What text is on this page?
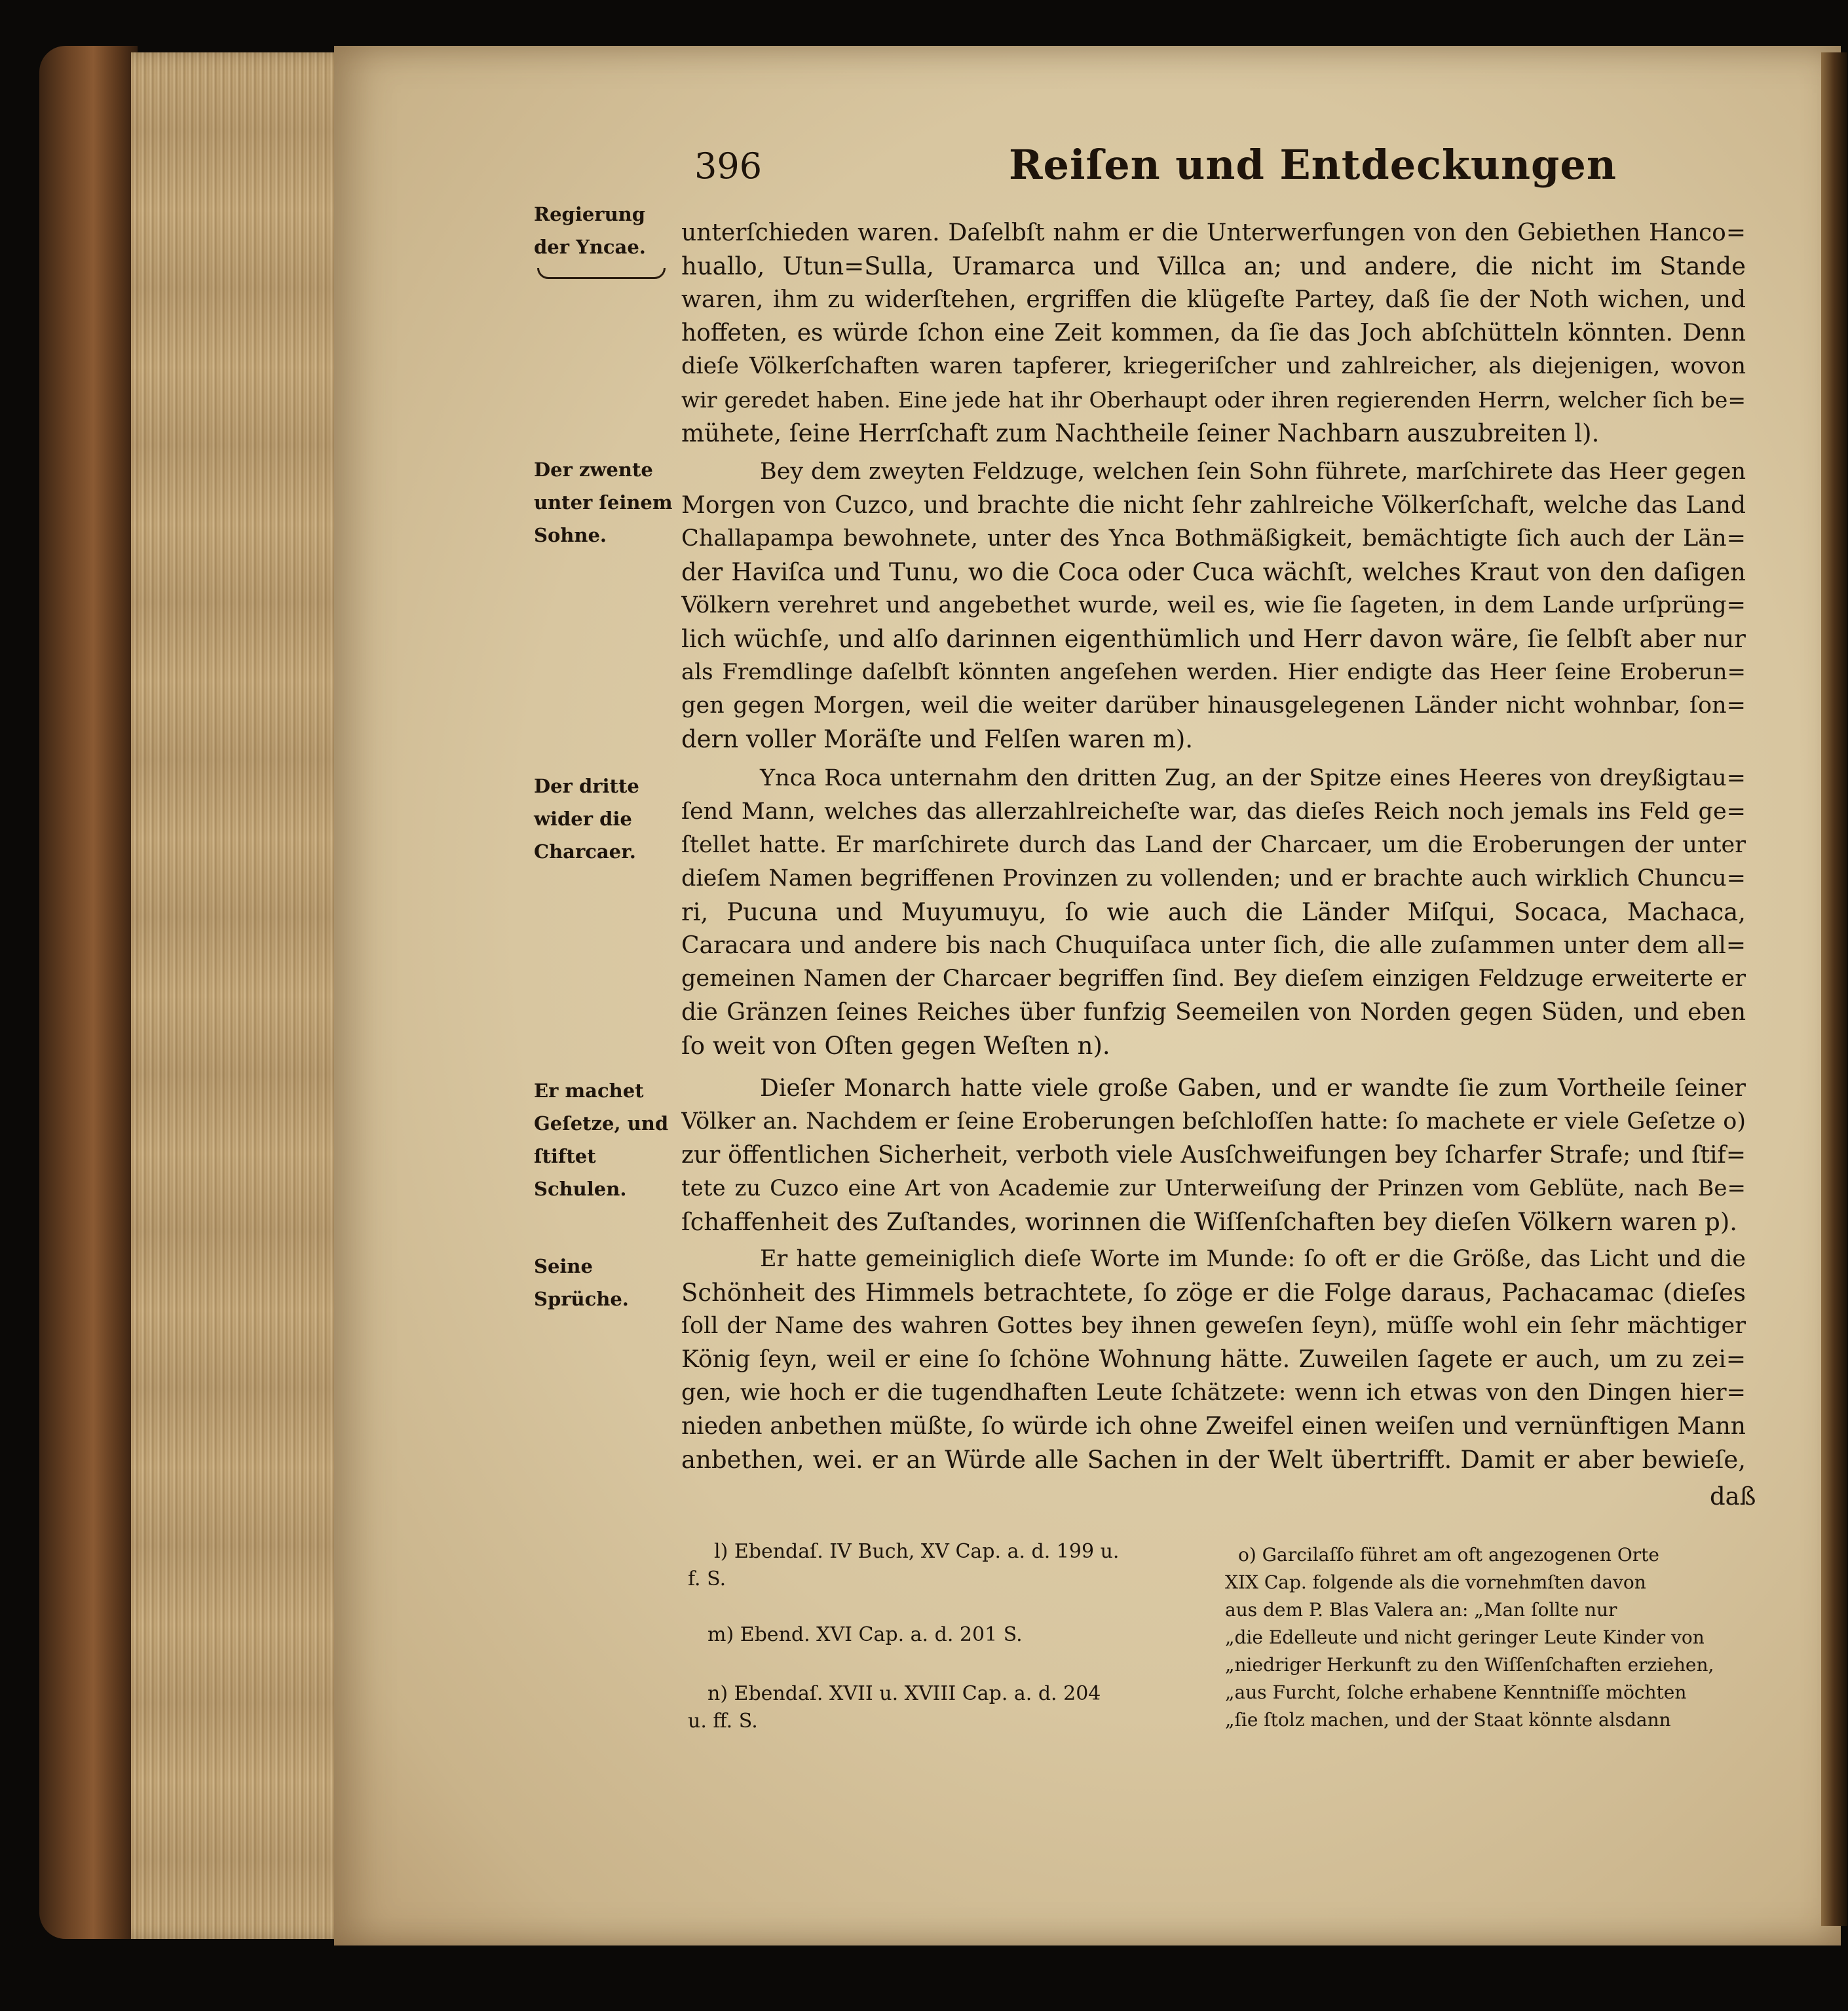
396	Reiſen und Entdeckungen
Regierung der Yncae.
Der zwente unter ſeinem Sohne.
Der dritte wider die Charcaer.
Er machet Geſetze, und ſtiftet Schulen.
Seine Sprüche.
unterſchieden waren. Daſelbſt nahm er die Unterwerfungen von den Gebiethen Hanco=
huallo, Utun=Sulla, Uramarca und Villca an; und andere, die nicht im Stande
waren, ihm zu widerſtehen, ergriffen die klügeſte Partey, daß ſie der Noth wichen, und
hoffeten, es würde ſchon eine Zeit kommen, da ſie das Joch abſchütteln könnten. Denn
dieſe Völkerſchaften waren tapferer, kriegeriſcher und zahlreicher, als diejenigen, wovon
wir geredet haben. Eine jede hat ihr Oberhaupt oder ihren regierenden Herrn, welcher ſich be=
mühete, ſeine Herrſchaft zum Nachtheile ſeiner Nachbarn auszubreiten l).
Bey dem zweyten Feldzuge, welchen ſein Sohn führete, marſchirete das Heer gegen
Morgen von Cuzco, und brachte die nicht ſehr zahlreiche Völkerſchaft, welche das Land
Challapampa bewohnete, unter des Ynca Bothmäßigkeit, bemächtigte ſich auch der Län=
der Haviſca und Tunu, wo die Coca oder Cuca wächſt, welches Kraut von den daſigen
Völkern verehret und angebethet wurde, weil es, wie ſie ſageten, in dem Lande urſprüng=
lich wüchſe, und alſo darinnen eigenthümlich und Herr davon wäre, ſie ſelbſt aber nur
als Fremdlinge daſelbſt könnten angeſehen werden. Hier endigte das Heer ſeine Eroberun=
gen gegen Morgen, weil die weiter darüber hinausgelegenen Länder nicht wohnbar, ſon=
dern voller Moräſte und Felſen waren m).
Ynca Roca unternahm den dritten Zug, an der Spitze eines Heeres von dreyßigtau=
ſend Mann, welches das allerzahlreicheſte war, das dieſes Reich noch jemals ins Feld ge=
ſtellet hatte. Er marſchirete durch das Land der Charcaer, um die Eroberungen der unter
dieſem Namen begriffenen Provinzen zu vollenden; und er brachte auch wirklich Chuncu=
ri, Pucuna und Muyumuyu, ſo wie auch die Länder Miſqui, Socaca, Machaca,
Caracara und andere bis nach Chuquiſaca unter ſich, die alle zuſammen unter dem all=
gemeinen Namen der Charcaer begriffen ſind. Bey dieſem einzigen Feldzuge erweiterte er
die Gränzen ſeines Reiches über funfzig Seemeilen von Norden gegen Süden, und eben
ſo weit von Oſten gegen Weſten n).
Dieſer Monarch hatte viele große Gaben, und er wandte ſie zum Vortheile ſeiner
Völker an. Nachdem er ſeine Eroberungen beſchloſſen hatte: ſo machete er viele Geſetze o)
zur öffentlichen Sicherheit, verboth viele Ausſchweifungen bey ſcharfer Strafe; und ſtif=
tete zu Cuzco eine Art von Academie zur Unterweiſung der Prinzen vom Geblüte, nach Be=
ſchaffenheit des Zuſtandes, worinnen die Wiſſenſchaften bey dieſen Völkern waren p).
Er hatte gemeiniglich dieſe Worte im Munde: ſo oft er die Größe, das Licht und die
Schönheit des Himmels betrachtete, ſo zöge er die Folge daraus, Pachacamac (dieſes
ſoll der Name des wahren Gottes bey ihnen geweſen ſeyn), müſſe wohl ein ſehr mächtiger
König ſeyn, weil er eine ſo ſchöne Wohnung hätte. Zuweilen ſagete er auch, um zu zei=
gen, wie hoch er die tugendhaften Leute ſchätzete: wenn ich etwas von den Dingen hier=
nieden anbethen müßte, ſo würde ich ohne Zweifel einen weiſen und vernünftigen Mann
anbethen, wei. er an Würde alle Sachen in der Welt übertrifft. Damit er aber bewieſe,
daß
l) Ebendaſ. IV Buch, XV Cap. a. d. 199 u.
f. S.
m) Ebend. XVI Cap. a. d. 201 S.
n) Ebendaſ. XVII u. XVIII Cap. a. d. 204
u. ff. S.
o) Garcilaſſo führet am oft angezogenen Orte
XIX Cap. folgende als die vornehmſten davon
aus dem P. Blas Valera an: „Man ſollte nur
„die Edelleute und nicht geringer Leute Kinder von
„niedriger Herkunft zu den Wiſſenſchaften erziehen,
„aus Furcht, ſolche erhabene Kenntniſſe möchten
„ſie ſtolz machen, und der Staat könnte alsdann
